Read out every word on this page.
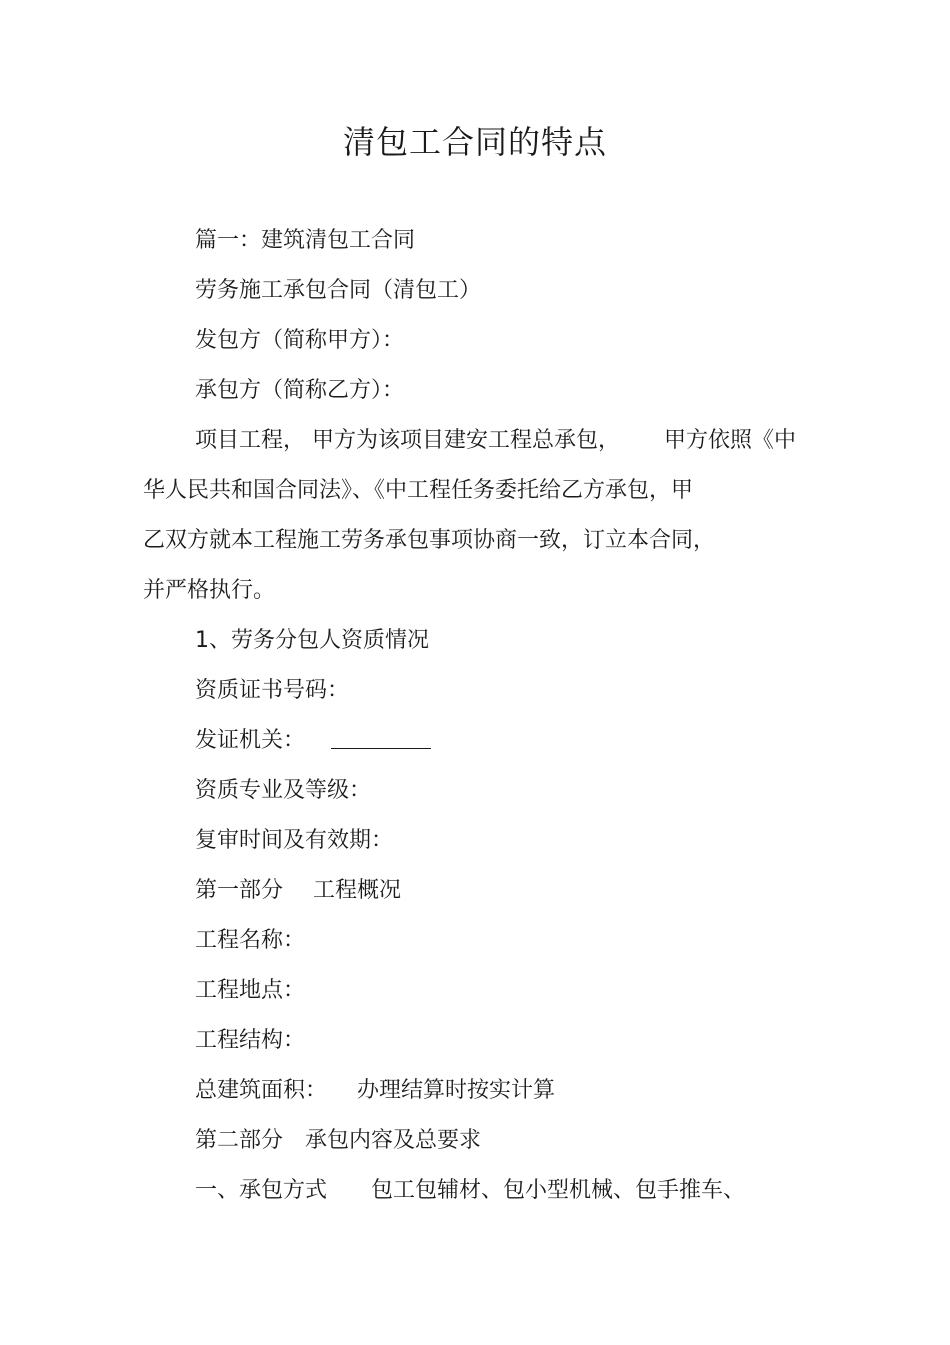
清包工合同的特点
篇一：建筑清包工合同
劳务施工承包合同（清包工）
发包方（简称甲方）：
承包方（简称乙方）：
项目工程， 甲方为该项目建安工程总承包， 甲方依照《中
华人民共和国合同法》、《中工程任务委托给乙方承包，甲
乙双方就本工程施工劳务承包事项协商一致，订立本合同，
并严格执行。
1、劳务分包人资质情况
资质证书号码：
发证机关：
资质专业及等级：
复审时间及有效期：
第一部分 工程概况
工程名称：
工程地点：
工程结构：
总建筑面积： 办理结算时按实计算
第二部分　承包内容及总要求
一、承包方式 包工包辅材、包小型机械、包手推车、
